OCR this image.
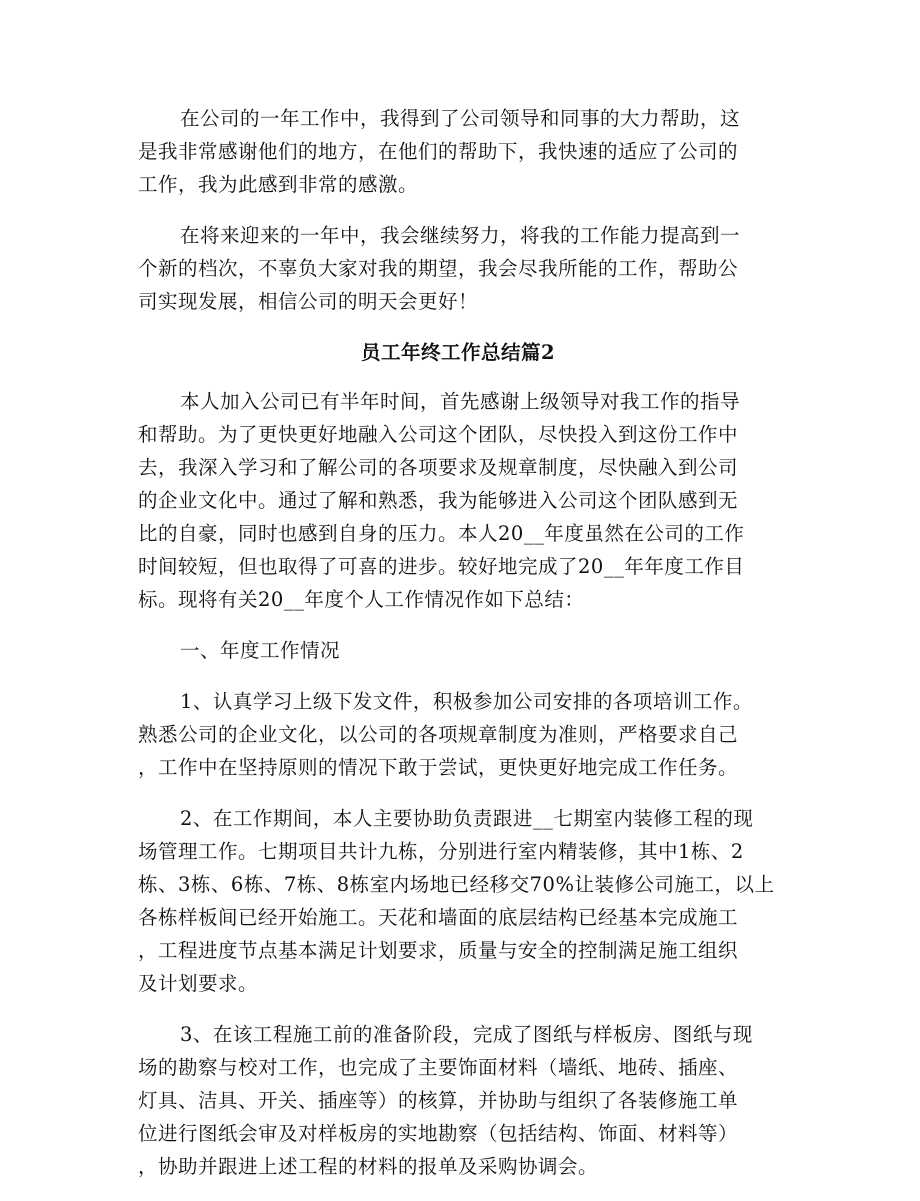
在公司的一年工作中，我得到了公司领导和同事的大力帮助，这
是我非常感谢他们的地方，在他们的帮助下，我快速的适应了公司的
工作，我为此感到非常的感激。
在将来迎来的一年中，我会继续努力，将我的工作能力提高到一
个新的档次，不辜负大家对我的期望，我会尽我所能的工作，帮助公
司实现发展，相信公司的明天会更好！
员工年终工作总结篇2
本人加入公司已有半年时间，首先感谢上级领导对我工作的指导
和帮助。为了更快更好地融入公司这个团队，尽快投入到这份工作中
去，我深入学习和了解公司的各项要求及规章制度，尽快融入到公司
的企业文化中。通过了解和熟悉，我为能够进入公司这个团队感到无
比的自豪，同时也感到自身的压力。本人20__年度虽然在公司的工作
时间较短，但也取得了可喜的进步。较好地完成了20__年年度工作目
标。现将有关20__年度个人工作情况作如下总结：
一、年度工作情况
1、认真学习上级下发文件，积极参加公司安排的各项培训工作。
熟悉公司的企业文化，以公司的各项规章制度为准则，严格要求自己
，工作中在坚持原则的情况下敢于尝试，更快更好地完成工作任务。
2、在工作期间，本人主要协助负责跟进__七期室内装修工程的现
场管理工作。七期项目共计九栋，分别进行室内精装修，其中1栋、2
栋、3栋、6栋、7栋、8栋室内场地已经移交70%让装修公司施工，以上
各栋样板间已经开始施工。天花和墙面的底层结构已经基本完成施工
，工程进度节点基本满足计划要求，质量与安全的控制满足施工组织
及计划要求。
3、在该工程施工前的准备阶段，完成了图纸与样板房、图纸与现
场的勘察与校对工作，也完成了主要饰面材料（墙纸、地砖、插座、
灯具、洁具、开关、插座等）的核算，并协助与组织了各装修施工单
位进行图纸会审及对样板房的实地勘察（包括结构、饰面、材料等）
，协助并跟进上述工程的材料的报单及采购协调会。
